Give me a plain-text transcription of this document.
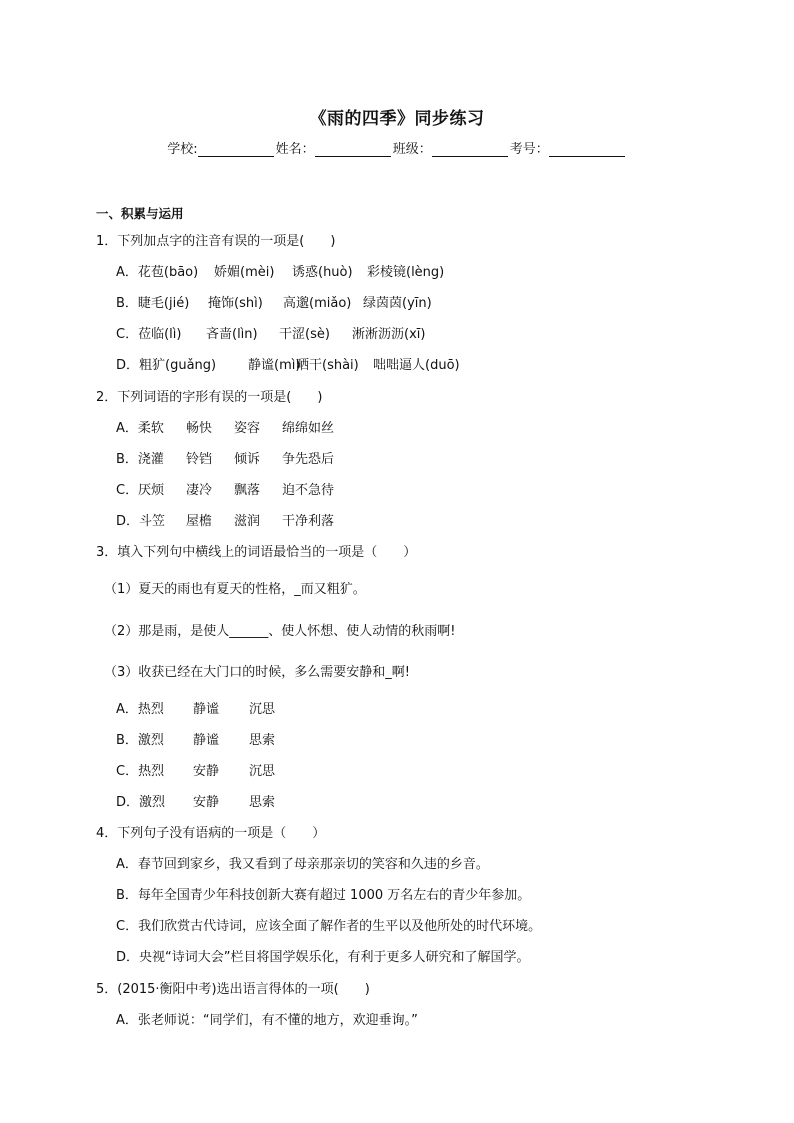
《雨的四季》同步练习
学校:	姓名：	班级：	考号：
一、积累与运用
1．下列加点字的注音有误的一项是(　　)
A．花苞(bāo) 娇媚(mèi) 诱惑(huò) 彩棱镜(lèng)
B．睫毛(jié) 掩饰(shì) 高邈(miǎo) 绿茵茵(yīn)
C．莅临(lì) 吝啬(lìn) 干涩(sè) 淅淅沥沥(xī)
D．粗犷(guǎng) 静谧(mì)晒干(shài) 咄咄逼人(duō)
2．下列词语的字形有误的一项是(　　)
A．柔软 畅快 姿容 绵绵如丝
B．浇灌 铃铛 倾诉 争先恐后
C．厌烦 凄冷 飘落 迫不急待
D．斗笠 屋檐 滋润 干净利落
3．填入下列句中横线上的词语最恰当的一项是（　　）
（1）夏天的雨也有夏天的性格，_而又粗犷。
（2）那是雨，是使人______、使人怀想、使人动情的秋雨啊!
（3）收获已经在大门口的时候，多么需要安静和_啊!
A．热烈 静谧 沉思
B．激烈 静谧 思索
C．热烈 安静 沉思
D．激烈 安静 思索
4．下列句子没有语病的一项是（　　）
A．春节回到家乡，我又看到了母亲那亲切的笑容和久违的乡音。
B．每年全国青少年科技创新大赛有超过 1000 万名左右的青少年参加。
C．我们欣赏古代诗词，应该全面了解作者的生平以及他所处的时代环境。
D．央视“诗词大会”栏目将国学娱乐化，有利于更多人研究和了解国学。
5．(2015·衡阳中考)选出语言得体的一项(　　)
A．张老师说：“同学们，有不懂的地方，欢迎垂询。”
